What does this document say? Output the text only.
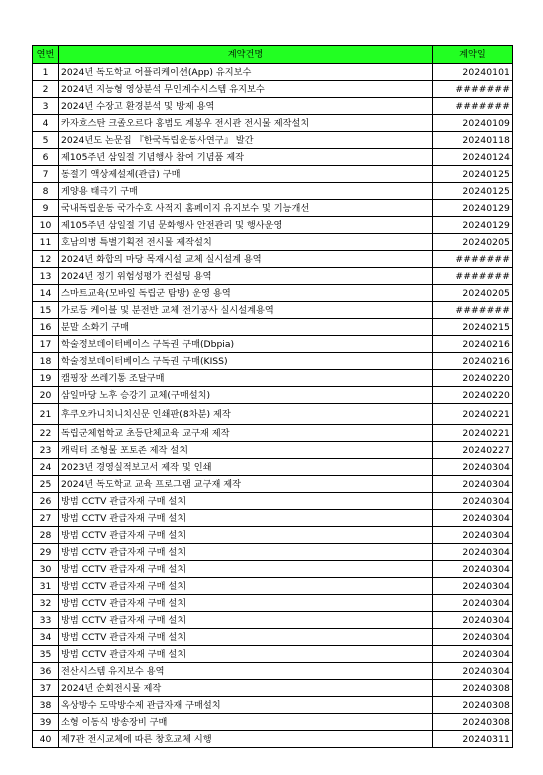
연번	계약건명	계약일
1	2024년 독도학교 어플리케이션(App) 유지보수	20240101
2	2024년 지능형 영상분석 무인계수시스템 유지보수	#######
3	2024년 수장고 환경분석 및 방제 용역	#######
4	카자흐스탄 크졸오르다 홍범도 계봉우 전시관 전시물 제작설치	20240109
5	2024년도 논문집 『한국독립운동사연구』 발간	20240118
6	제105주년 삼일절 기념행사 참여 기념품 제작	20240124
7	동절기 액상제설제(관급) 구매	20240125
8	게양용 태극기 구매	20240125
9	국내독립운동 국가수호 사적지 홈페이지 유지보수 및 기능개선	20240129
10	제105주년 삼일절 기념 문화행사 안전관리 및 행사운영	20240129
11	호남의병 특별기획전 전시물 제작설치	20240205
12	2024년 화합의 마당 목재시설 교체 실시설계 용역	#######
13	2024년 정기 위험성평가 컨설팅 용역	#######
14	스마트교육(모바일 독립군 탐방) 운영 용역	20240205
15	가로등 케이블 및 분전반 교체 전기공사 실시설계용역	#######
16	분말 소화기 구매	20240215
17	학술정보데이터베이스 구독권 구매(Dbpia)	20240216
18	학술정보데이터베이스 구독권 구매(KISS)	20240216
19	캠핑장 쓰레기통 조달구매	20240220
20	삼일마당 노후 승강기 교체(구매설치)	20240220
21	후쿠오카니치니치신문 인쇄판(8차분) 제작	20240221
22	독립군체험학교 초등단체교육 교구재 제작	20240221
23	캐릭터 조형물 포토존 제작 설치	20240227
24	2023년 경영실적보고서 제작 및 인쇄	20240304
25	2024년 독도학교 교육 프로그램 교구재 제작	20240304
26	방범 CCTV 관급자재 구매 설치	20240304
27	방범 CCTV 관급자재 구매 설치	20240304
28	방범 CCTV 관급자재 구매 설치	20240304
29	방범 CCTV 관급자재 구매 설치	20240304
30	방범 CCTV 관급자재 구매 설치	20240304
31	방범 CCTV 관급자재 구매 설치	20240304
32	방범 CCTV 관급자재 구매 설치	20240304
33	방범 CCTV 관급자재 구매 설치	20240304
34	방범 CCTV 관급자재 구매 설치	20240304
35	방범 CCTV 관급자재 구매 설치	20240304
36	전산시스템 유지보수 용역	20240304
37	2024년 순회전시물 제작	20240308
38	옥상방수 도막방수제 관급자재 구매설치	20240308
39	소형 이동식 방송장비 구매	20240308
40	제7관 전시교체에 따른 창호교체 시행	20240311
